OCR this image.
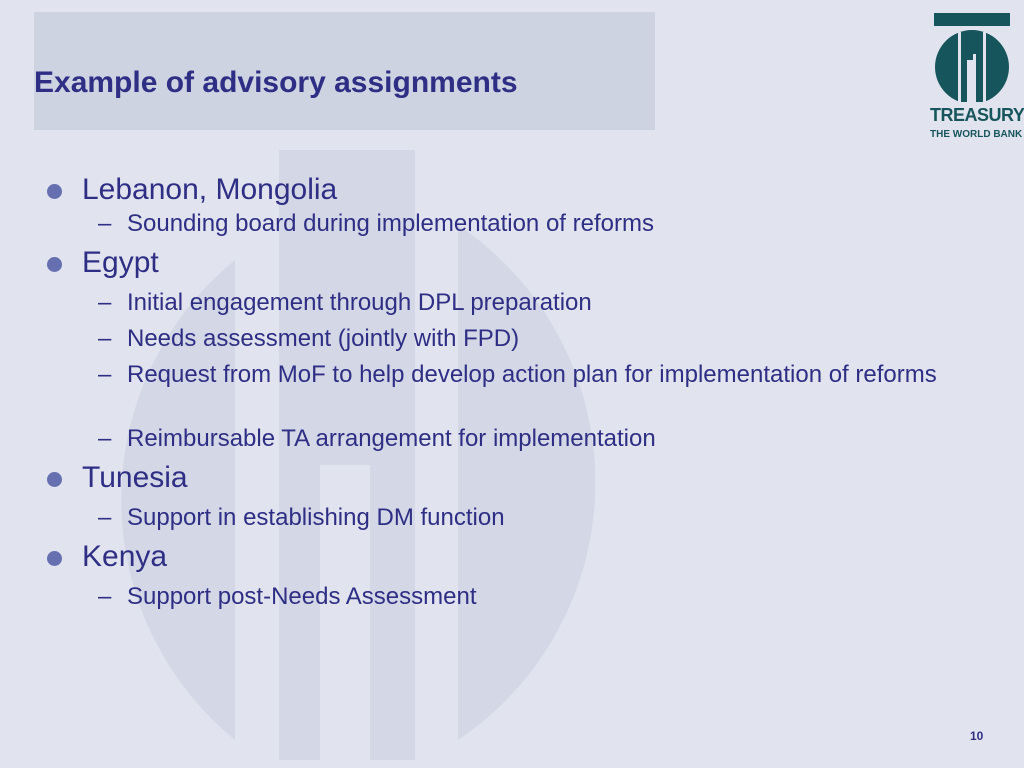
Example of advisory assignments
TREASURY
THE WORLD BANK
Lebanon, Mongolia
– Sounding board during implementation of reforms
Egypt
– Initial engagement through DPL preparation
– Needs assessment (jointly with FPD)
– Request from MoF to help develop action plan for implementation of reforms
– Reimbursable TA arrangement for implementation
Tunesia
– Support in establishing DM function
Kenya
– Support post-Needs Assessment
10
